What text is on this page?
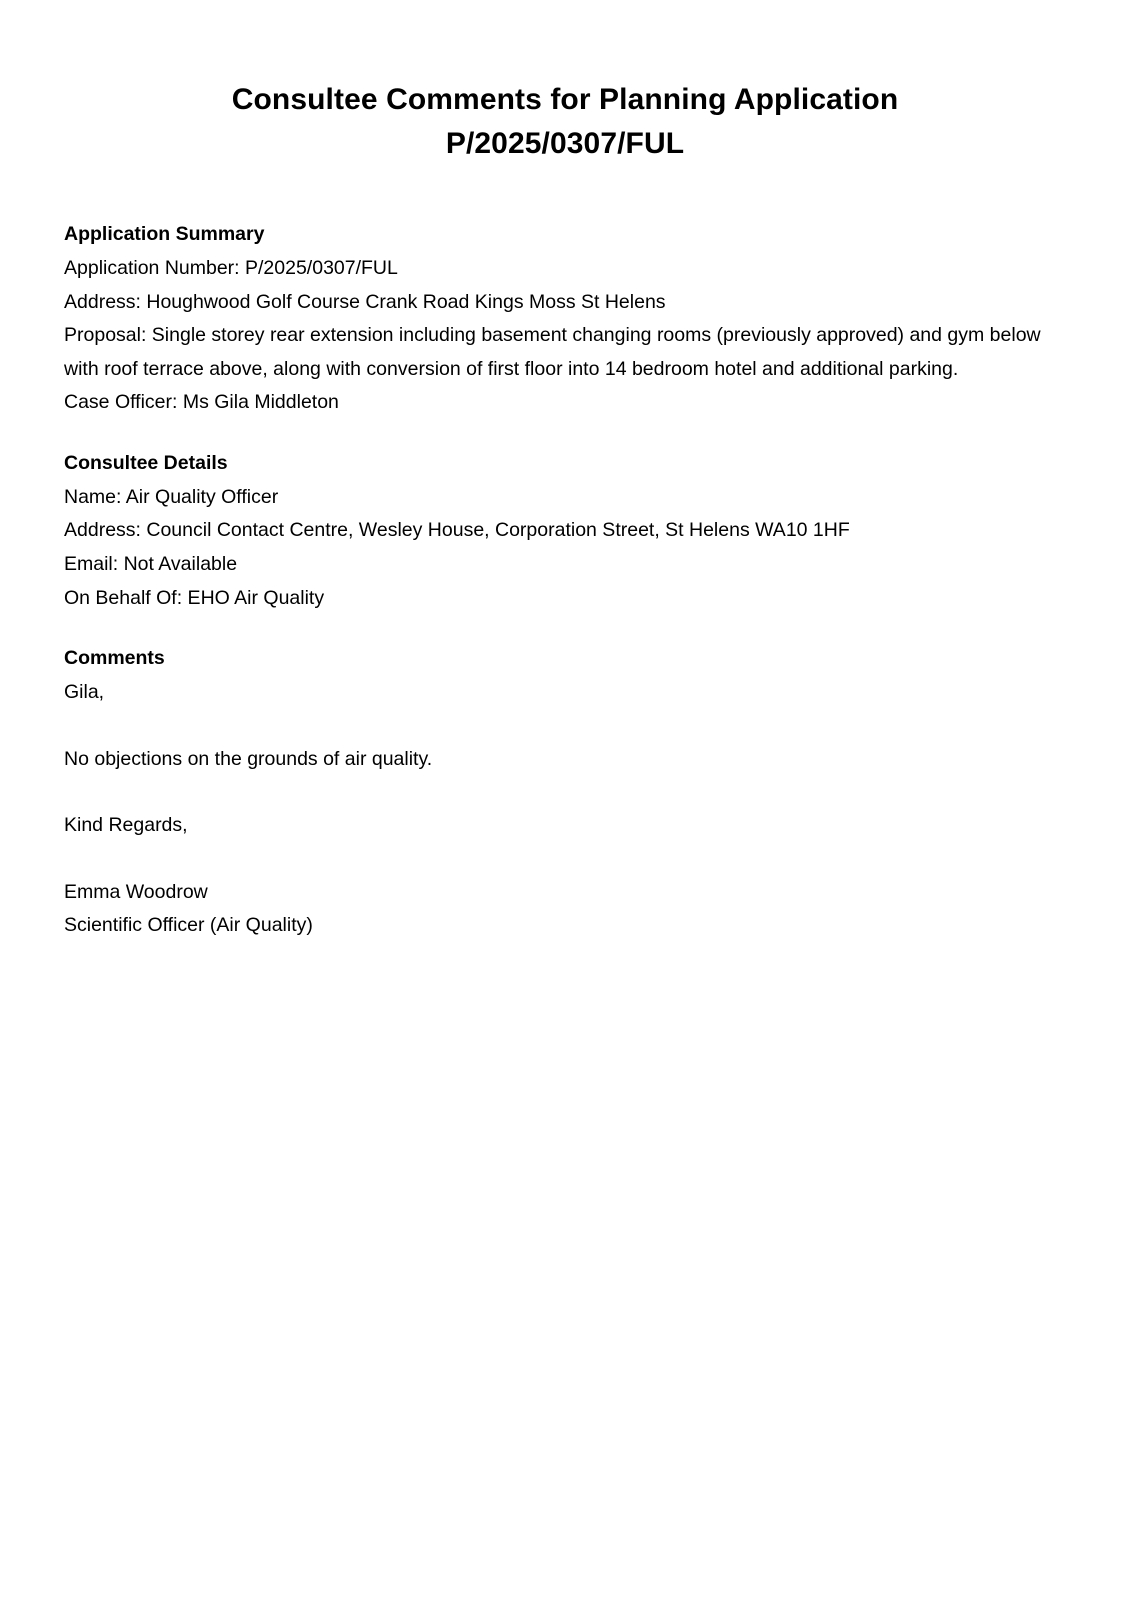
Consultee Comments for Planning Application
P/2025/0307/FUL
Application Summary
Application Number: P/2025/0307/FUL
Address: Houghwood Golf Course Crank Road Kings Moss St Helens
Proposal: Single storey rear extension including basement changing rooms (previously approved) and gym below with roof terrace above, along with conversion of first floor into 14 bedroom hotel and additional parking.
Case Officer: Ms Gila Middleton
Consultee Details
Name: Air Quality Officer
Address: Council Contact Centre, Wesley House, Corporation Street, St Helens WA10 1HF
Email: Not Available
On Behalf Of: EHO Air Quality
Comments
Gila,

No objections on the grounds of air quality.

Kind Regards,

Emma Woodrow
Scientific Officer (Air Quality)
